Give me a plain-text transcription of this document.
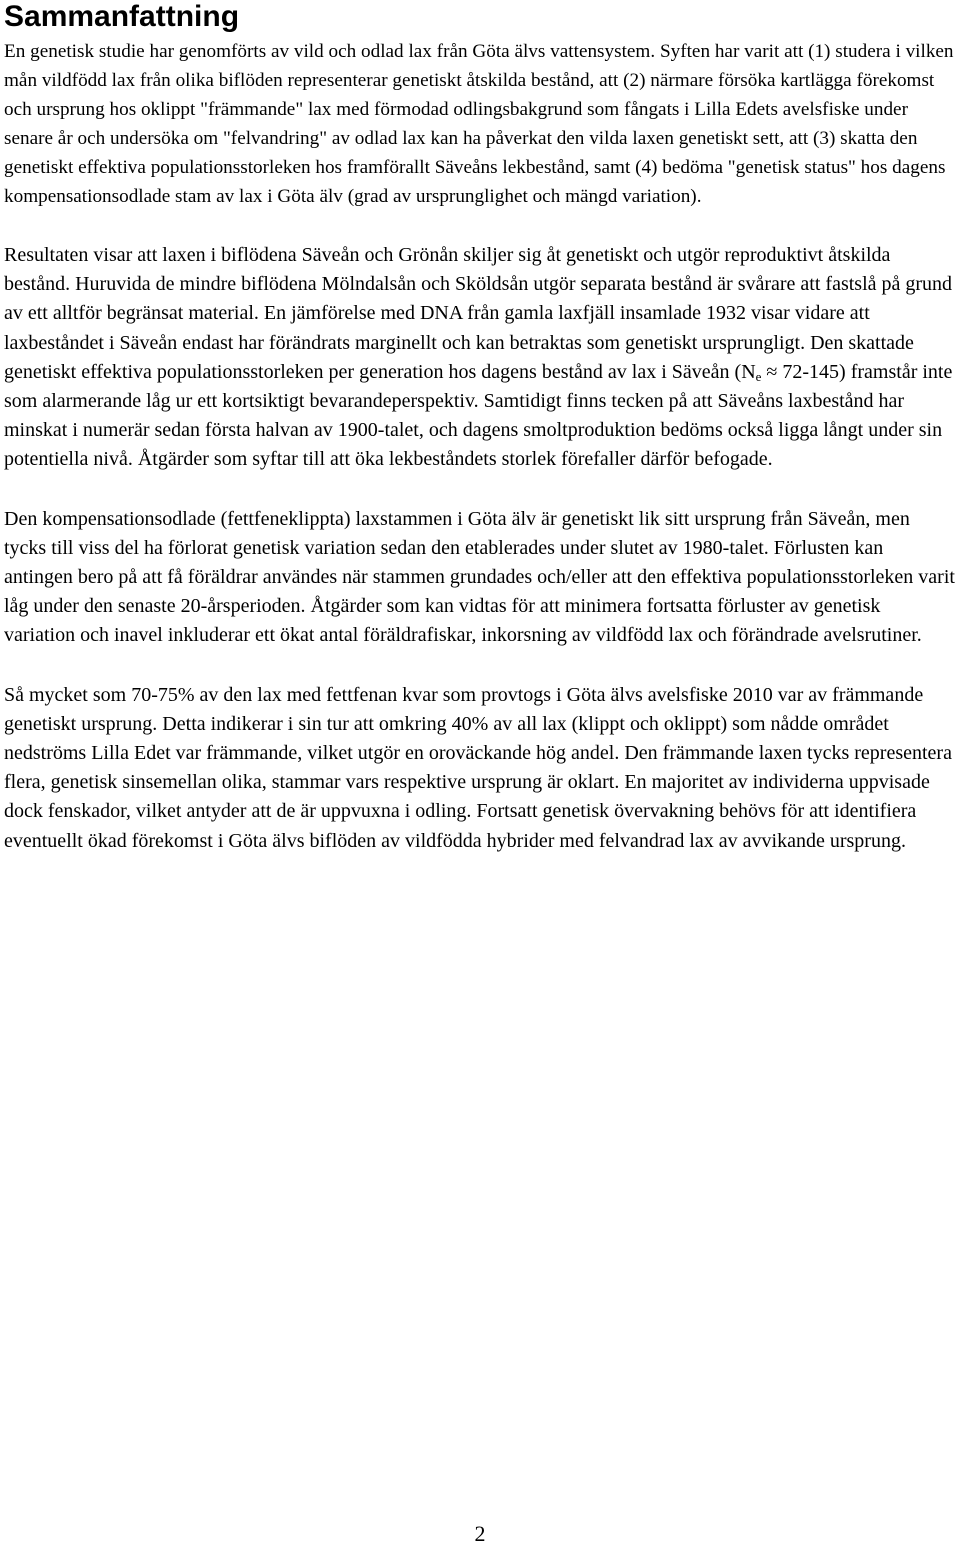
Sammanfattning

En genetisk studie har genomförts av vild och odlad lax från Göta älvs vattensystem. Syften har varit att (1) studera i vilken mån vildfödd lax från olika biflöden representerar genetiskt åtskilda bestånd, att (2) närmare försöka kartlägga förekomst och ursprung hos oklippt "främmande" lax med förmodad odlingsbakgrund som fångats i Lilla Edets avelsfiske under senare år och undersöka om "felvandring" av odlad lax kan ha påverkat den vilda laxen genetiskt sett, att (3) skatta den genetiskt effektiva populationsstorleken hos framförallt Säveåns lekbestånd, samt (4) bedöma "genetisk status" hos dagens kompensationsodlade stam av lax i Göta älv (grad av ursprunglighet och mängd variation).

Resultaten visar att laxen i biflödena Säveån och Grönån skiljer sig åt genetiskt och utgör reproduktivt åtskilda bestånd. Huruvida de mindre biflödena Mölndalsån och Sköldsån utgör separata bestånd är svårare att fastslå på grund av ett alltför begränsat material. En jämförelse med DNA från gamla laxfjäll insamlade 1932 visar vidare att laxbeståndet i Säveån endast har förändrats marginellt och kan betraktas som genetiskt ursprungligt. Den skattade genetiskt effektiva populationsstorleken per generation hos dagens bestånd av lax i Säveån $(N_e \approx 72-145)$ framstår inte som alarmerande låg ur ett kortsiktigt bevarandeperspektiv. Samtidigt finns tecken på att Säveåns laxbestånd har minskat i numerär sedan första halvan av 1900-talet, och dagens smoltproduktion bedöms också ligga långt under sin potentiella nivå. Åtgärder som syftar till att öka lekbeståndets storlek förefaller därför befogade.

Den kompensationsodlade (fettfeneklippta) laxstammen i Göta älv är genetiskt lik sitt ursprung från Säveån, men tycks till viss del ha förlorat genetisk variation sedan den etablerades under slutet av 1980-talet. Förlusten kan antingen bero på att få föräldrar användes när stammen grundades och/eller att den effektiva populationsstorleken varit låg under den senaste 20-årsperioden. Åtgärder som kan vidtas för att minimera fortsatta förluster av genetisk variation och inavel inkluderar ett ökat antal föräldrafiskar, inkorsning av vildfödd lax och förändrade avelsrutiner.

Så mycket som 70-75% av den lax med fettfenan kvar som provtogs i Göta älvs avelsfiske 2010 var av främmande genetiskt ursprung. Detta indikerar i sin tur att omkring 40% av all lax (klippt och oklippt) som nådde området nedströms Lilla Edet var främmande, vilket utgör en oroväckande hög andel. Den främmande laxen tycks representera flera, genetisk sinsemellan olika, stammar vars respektive ursprung är oklart. En majoritet av individerna uppvisade dock fenskador, vilket antyder att de är uppvuxna i odling. Fortsatt genetisk övervakning behövs för att identifiera eventuellt ökad förekomst i Göta älvs biflöden av vildfödda hybrider med felvandrad lax av avvikande ursprung.

2
